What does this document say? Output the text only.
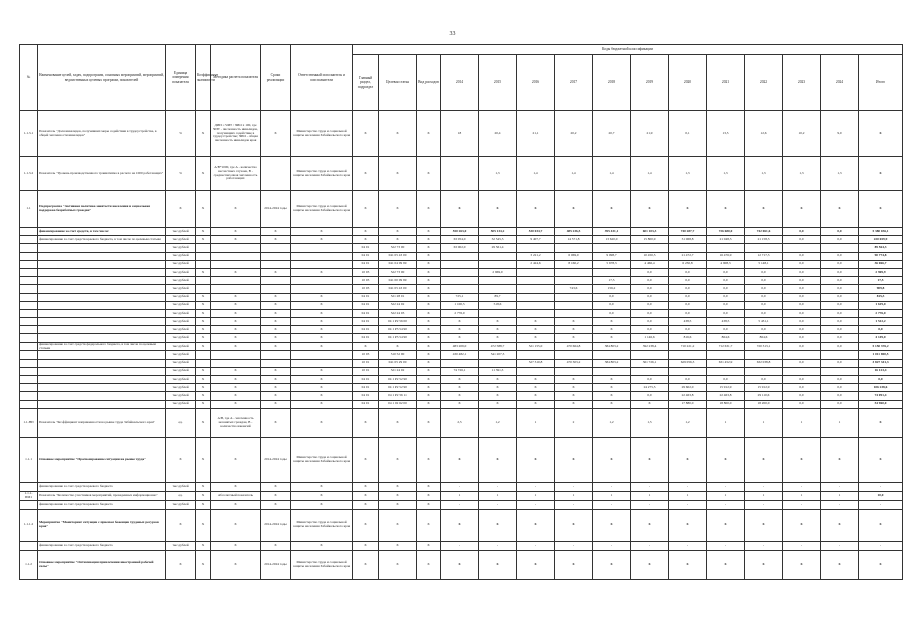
33
№	Наименование целей, задач, подпрограмм, основных мероприятий, мероприятий, ведомственных целевых программ, показателей	Единица измерения показателя	Коэффициент значимости	Методика расчета показателя	Сроки реализации	Ответственный исполнитель и соисполнители	Коды бюджетной классификации														
							Главный раздел, подраздел	Целевая статья	Вид расходов	2014	2015	2016	2017	2018	2019	2020	2021	2022	2023	2024	Итого
1.1.3.1	Показатель "Доля инвалидов, получивших меры содействия в трудоустройстве, в общей численности инвалидов"	%	X	ДИИ = ЧИТ / ЧИО x 100, где ЧИТ - численность инвалидов, получивших содействие в трудоустройстве; ЧИО - общая численность инвалидов края	X	Министерство труда и социальной защиты населения Забайкальского края	X	X	X	18	20,4	21,1	20,2	20,7	21,9	0,1	13,5	12,6	10,2	9,0	X
1.1.3.2	Показатель "Уровень производственного травматизма в расчете на 1000 работающих"	%	X	А/В*1000, где А - количество несчастных случаев, В - среднесписочная численность работающих		Министерство труда и социальной защиты населения Забайкальского края	X	X	X		1,3	1,4	1,4	1,4	1,4	1,3	1,3	1,3	1,3	1,3	X
1.1	Подпрограмма "Активная политика занятости населения и социальная поддержка безработных граждан"	X	X	X	2014-2024 годы	Министерство труда и социальной защиты населения Забайкальского края	X	X	X	X	X	X	X	X	X	X	X	X	X	X	X
	финансирование за счет средств, в том числе:	тыс.рублей	X	X	X	X	X	X	X	550 263,0	505 134,2	530 034,7	485 236,5	395 431,1	601 103,3	740 287,7	726 680,0	742 061,6	0,0	0,0	5 380 036,1
	финансирование за счет средств краевого бюджета, в том числе по целевым статьям	тыс.рублей	X	X	X	X	X	X	X	63 054,0	32 545,5	9 407,7	14 571,8	13 620,0	15 800,9	31 068,8	21 048,3	21 158,3	0,0	0,0	220 659,9
		тыс.рублей					04 01	522 73 00	X	63 002,0	29 561,4										89 564,3
		тыс.рублей					04 01	041 05 43 00	X			3 221,2	6 069,0	9 098,7	10 450,5	21 472,7	16 476,9	12 717,3	0,0	0,0	90 774,8
		тыс.рублей					04 01	041 04 09 99	X			2 424,6	8 160,2	5 678,3	4 466,4	6 230,8	4 908,3	5 148,1	0,0	0,0	36 066,7
		тыс.рублей	X	X	X	X	10 03	522 73 00	X		2 969,0				0,0	0,0	0,0	0,0	0,0	0,0	2 969,9
		тыс.рублей					10 03	041 00 09 99	X					17,5	0,0	0,0	0,0	0,0	0,0	0,0	17,5
		тыс.рублей					10 03	041 05 43 00	X				743,6	156,2	0,0	0,0	0,0	0,0	0,0	0,0	909,8
		тыс.рублей	X	X	X	X	04 01	521 28 01	X	725,1	89,7			0,0	0,0	0,0	0,0	0,0	0,0	0,0	815,3
		тыс.рублей	X	X	X	X	04 01	522 24 02	X	1 100,5	518,6			0,0	0,0	0,0	0,0	0,0	0,0	0,0	1 619,0
		тыс.рублей	X	X	X	X	04 01	522 24 03	X	2 776,0				0,0	0,0	0,0	0,0	0,0	0,0	0,0	2 776,0
		тыс.рублей	X	X	X	X	04 01	04 1 P2 56 00	X	X	X	X	X	X	0,0	438,5	438,5	5 431,1	0,0	0,0	1 512,2
		тыс.рублей	X	X	X	X	04 01	04 1 P3 54 90	X	X	X	X	X	X	0,0	0,0	0,0	0,0	0,0	0,0	0,0
		тыс.рублей	X	X	X	X	04 01	04 1 P3 54 90	X	X	X	X	X	X	1 146,6	816,6	864,6	864,6	0,0	0,0	4 149,0
	финансирование за счет средств федерального бюджета, в том числе по целевым статьям	тыс.рублей	X	X	X	X	X	X	X	483 209,0	472 588,7	521 155,0	470 664,8	384 803,2	392 238,4	710 221,2	712 631,7	720 313,1	0,0	0,0	5 150 376,2
		тыс.рублей					10 03	510 52 90	X	430 482,1	541 207,3										1 011 690,5
		тыс.рублей					10 01	041 05 29 00	X			527 310,8	470 303,2	384 803,2	361 726,1	629 056,3	631 452,9	632 038,8	0,0	0,0	3 827 341,3
		тыс.рублей	X	X	X	X	10 01	521 24 02	X	74 726,1	11 391,3										16 123,4
		тыс.рублей	X	X	X	X	04 01	04 1 P2 52 90	X	X	X	X	X	X	0,0	0,0	0,0	0,0	0,0	0,0	0,0
		тыс.рублей	X	X	X	X	04 01	04 1 P2 52 90	X	X	X	X	X	X	24 275,5	29 602,0	15 912,9	15 912,9	0,0	0,0	106 238,6
		тыс.рублей	X	X	X	X	04 01	04 1 P2 56 11	X	X	X	X	X	X	0,0	22 463,8	22 463,8	29 110,6	0,0	0,0	74 091,4
		тыс.рублей	X	X	X	X	04 01	04 1 02 62 00	X	X	X	X	X	X	X	17 880,0	18 800,0	18 200,0	0,0	0,0	54 960,0
1.1-НП	Показатель "Коэффициент напряженности на рынке труда Забайкальского края"	ед.	X	А/В, где А - численность незанятых граждан, В - количество вакансий	X	X	X	X	X	2,5	1,2	1	2	1,2	1,5	1,2	1	1	1	1	X
1.1.1	Основное мероприятие "Прогнозирование ситуации на рынке труда"	X	X	X	2014-2024 годы	Министерство труда и социальной защиты населения Забайкальского края	X	X	X	X	X	X	X	X	X	X	X	X	X	X	X
	финансирование за счет средств краевого бюджета	тыс.рублей	X	X	X	X	X	X	X	-	-	-	-	-	-	-	-	-	-	-	-
1.1.1-ПМ1	Показатель "Количество участников мероприятий, проведенных информационно"	ед.	X	Абсолютный показатель	X	X	X	X	X	1	1	1	1	1	1	1	1	1	1	1	10,0
	финансирование за счет средств краевого бюджета	тыс.рублей	X	X	X	X	X	X	X	-	-	-	-	-	-	-	-	-	-	-	-
1.1.1.2	Мероприятие "Мониторинг ситуации с приемом беженцев трудовых ресурсов края"	X	X	X	2014-2024 годы	Министерство труда и социальной защиты населения Забайкальского края	X	X	X	X	X	X	X	X	X	X	X	X	X	X	X
	финансирование за счет средств краевого бюджета	тыс.рублей	X	X	X	X	X	X	X	-	-	-	-	-	-	-	-	-	-	-	-
1.1.2	Основное мероприятие "Оптимизация привлечения иностранной рабочей силы"	X	X	X	2014-2024 годы	Министерство труда и социальной защиты населения Забайкальского края	X	X	X	X	X	X	X	X	X	X	X	X	X	X	X
